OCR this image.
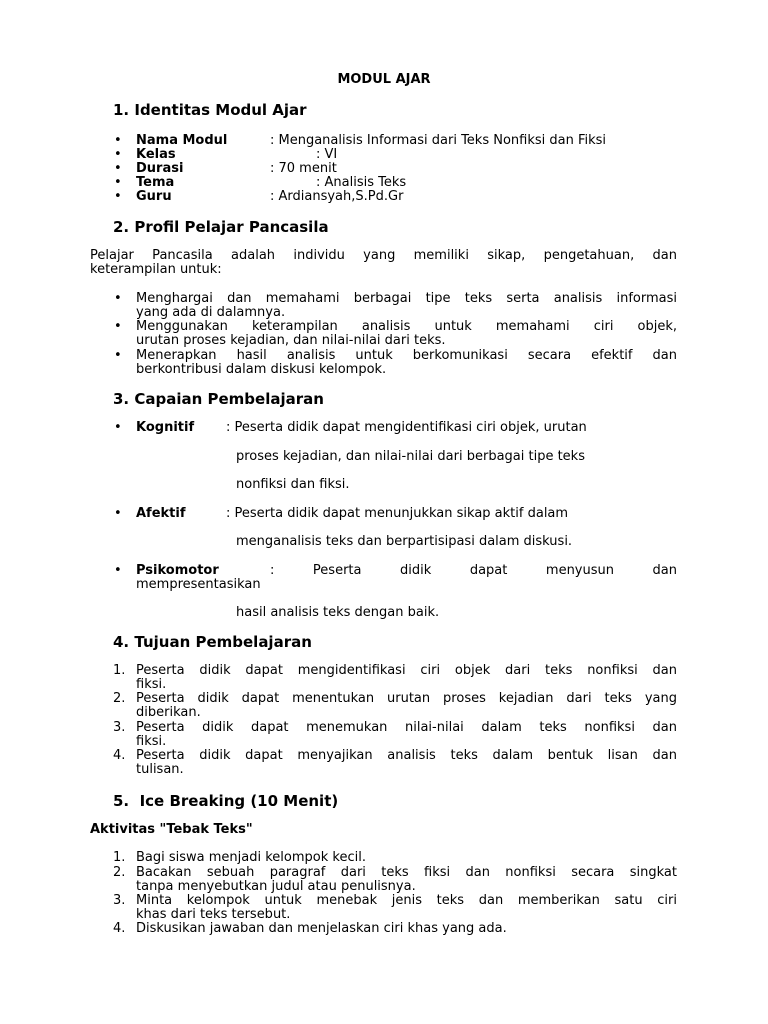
MODUL AJAR
1. Identitas Modul Ajar
• Nama Modul	: Menganalisis Informasi dari Teks Nonfiksi dan Fiksi
• Kelas	: VI
• Durasi	: 70 menit
• Tema	: Analisis Teks
• Guru	: Ardiansyah,S.Pd.Gr
2. Profil Pelajar Pancasila
Pelajar Pancasila adalah individu yang memiliki sikap, pengetahuan, dan
keterampilan untuk:
• Menghargai dan memahami berbagai tipe teks serta analisis informasi
yang ada di dalamnya.
• Menggunakan keterampilan analisis untuk memahami ciri objek,
urutan proses kejadian, dan nilai-nilai dari teks.
• Menerapkan hasil analisis untuk berkomunikasi secara efektif dan
berkontribusi dalam diskusi kelompok.
3. Capaian Pembelajaran
• Kognitif : Peserta didik dapat mengidentifikasi ciri objek, urutan
proses kejadian, dan nilai-nilai dari berbagai tipe teks
nonfiksi dan fiksi.
• Afektif	: Peserta didik dapat menunjukkan sikap aktif dalam
menganalisis teks dan berpartisipasi dalam diskusi.
• Psikomotor	: Peserta didik dapat menyusun dan
mempresentasikan
hasil analisis teks dengan baik.
4. Tujuan Pembelajaran
1. Peserta didik dapat mengidentifikasi ciri objek dari teks nonfiksi dan
fiksi.
2. Peserta didik dapat menentukan urutan proses kejadian dari teks yang
diberikan.
3. Peserta didik dapat menemukan nilai-nilai dalam teks nonfiksi dan
fiksi.
4. Peserta didik dapat menyajikan analisis teks dalam bentuk lisan dan
tulisan.
5.  Ice Breaking (10 Menit)
Aktivitas "Tebak Teks"
1. Bagi siswa menjadi kelompok kecil.
2. Bacakan sebuah paragraf dari teks fiksi dan nonfiksi secara singkat
tanpa menyebutkan judul atau penulisnya.
3. Minta kelompok untuk menebak jenis teks dan memberikan satu ciri
khas dari teks tersebut.
4. Diskusikan jawaban dan menjelaskan ciri khas yang ada.
